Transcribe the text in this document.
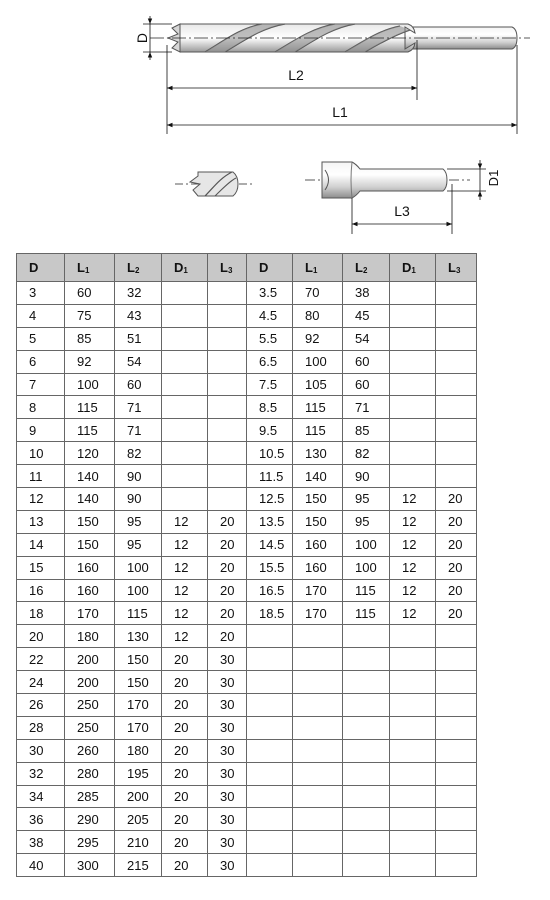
D
L2
L1
D1
L3
D	$L_1$	$L_2$	$D_1$	$L_3$	D	$L_1$	$L_2$	$D_1$	$L_3$
3	60	32			3.5	70	38		
4	75	43			4.5	80	45		
5	85	51			5.5	92	54		
6	92	54			6.5	100	60		
7	100	60			7.5	105	60		
8	115	71			8.5	115	71		
9	115	71			9.5	115	85		
10	120	82			10.5	130	82		
11	140	90			11.5	140	90		
12	140	90			12.5	150	95	12	20
13	150	95	12	20	13.5	150	95	12	20
14	150	95	12	20	14.5	160	100	12	20
15	160	100	12	20	15.5	160	100	12	20
16	160	100	12	20	16.5	170	115	12	20
18	170	115	12	20	18.5	170	115	12	20
20	180	130	12	20					
22	200	150	20	30					
24	200	150	20	30					
26	250	170	20	30					
28	250	170	20	30					
30	260	180	20	30					
32	280	195	20	30					
34	285	200	20	30					
36	290	205	20	30					
38	295	210	20	30					
40	300	215	20	30					
